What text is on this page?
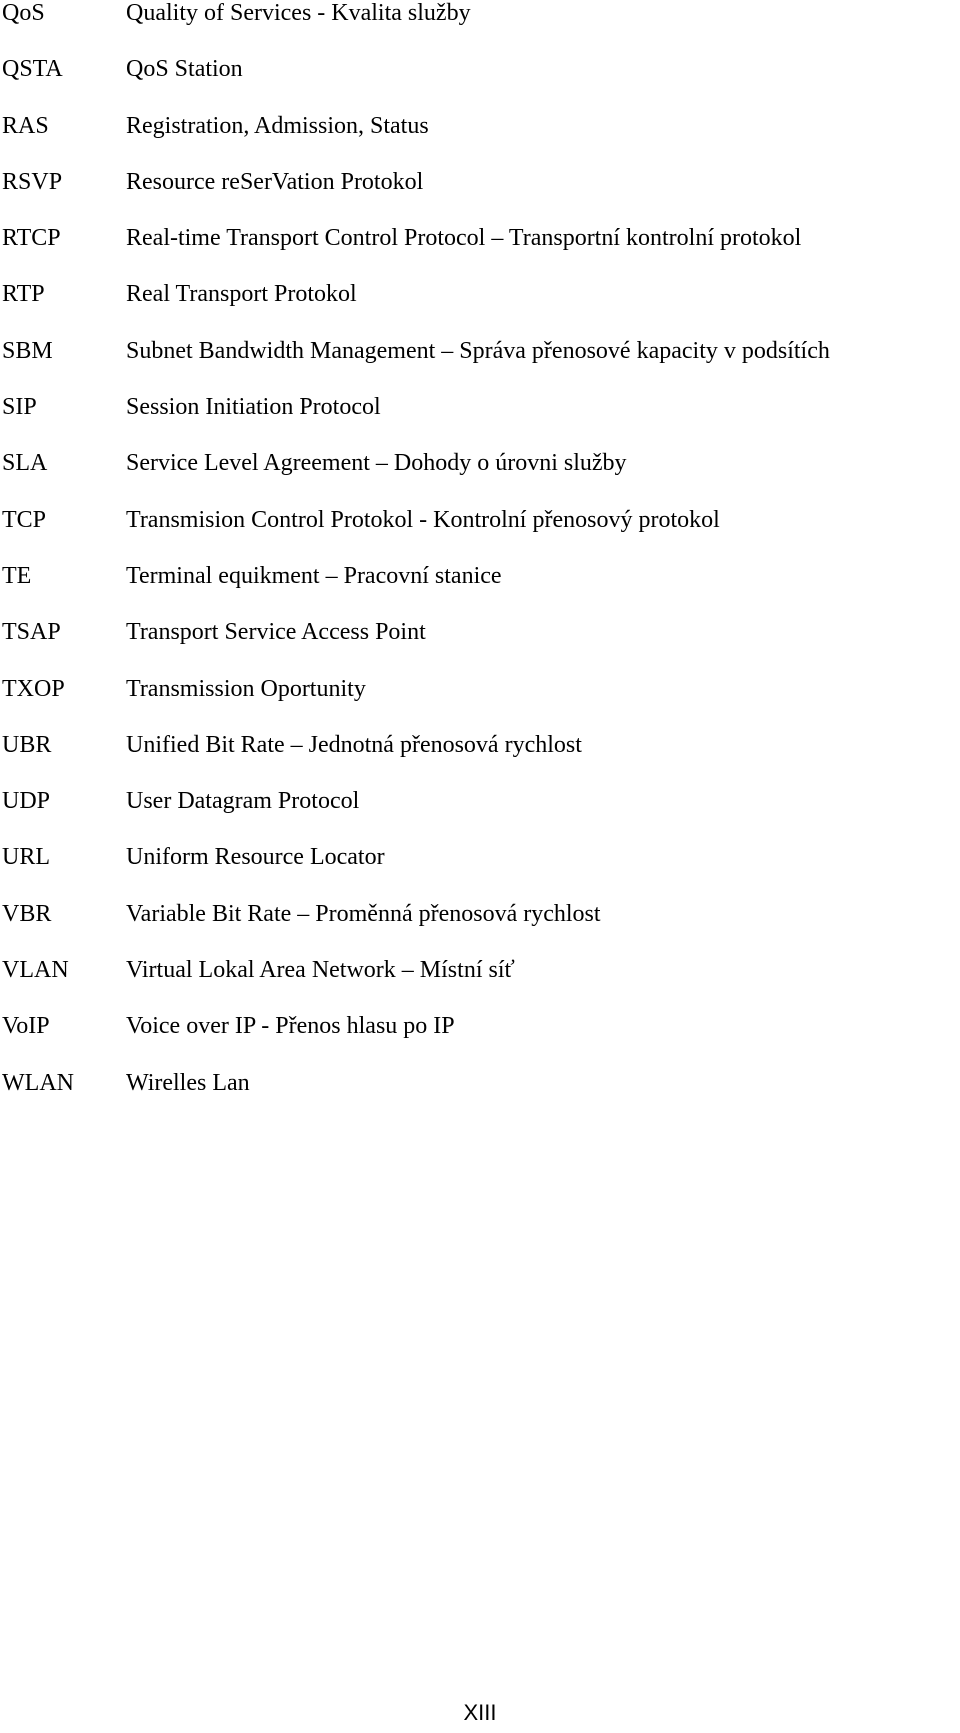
QoS	Quality of Services - Kvalita služby
QSTA	QoS Station
RAS	Registration, Admission, Status
RSVP	Resource reSerVation Protokol
RTCP	Real-time Transport Control Protocol – Transportní kontrolní protokol
RTP	Real Transport Protokol
SBM	Subnet Bandwidth Management – Správa přenosové kapacity v podsítích
SIP	Session Initiation Protocol
SLA	Service Level Agreement – Dohody o úrovni služby
TCP	Transmision Control Protokol - Kontrolní přenosový protokol
TE	Terminal equikment – Pracovní stanice
TSAP	Transport Service Access Point
TXOP	Transmission Oportunity
UBR	Unified Bit Rate – Jednotná přenosová rychlost
UDP	User Datagram Protocol
URL	Uniform Resource Locator
VBR	Variable Bit Rate – Proměnná přenosová rychlost
VLAN	Virtual Lokal Area Network – Místní síť
VoIP	Voice over IP - Přenos hlasu po IP
WLAN	Wirelles Lan
XIII
